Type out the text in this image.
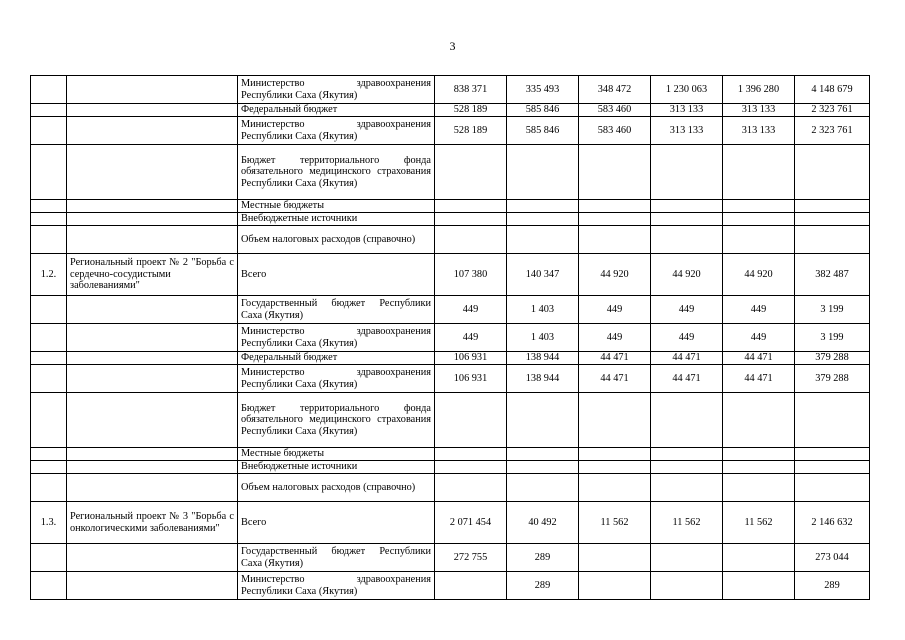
3
		Министерство здравоохранения Республики Саха (Якутия)	838 371	335 493	348 472	1 230 063	1 396 280	4 148 679
		Федеральный бюджет	528 189	585 846	583 460	313 133	313 133	2 323 761
		Министерство здравоохранения Республики Саха (Якутия)	528 189	585 846	583 460	313 133	313 133	2 323 761
		Бюджет территориального фонда обязательного медицинского страхования Республики Саха (Якутия)						
		Местные бюджеты						
		Внебюджетные источники						
		Объем налоговых расходов (справочно)						
1.2.	Региональный проект № 2 "Борьба с сердечно-сосудистыми заболеваниями"	Всего	107 380	140 347	44 920	44 920	44 920	382 487
		Государственный бюджет Республики Саха (Якутия)	449	1 403	449	449	449	3 199
		Министерство здравоохранения Республики Саха (Якутия)	449	1 403	449	449	449	3 199
		Федеральный бюджет	106 931	138 944	44 471	44 471	44 471	379 288
		Министерство здравоохранения Республики Саха (Якутия)	106 931	138 944	44 471	44 471	44 471	379 288
		Бюджет территориального фонда обязательного медицинского страхования Республики Саха (Якутия)						
		Местные бюджеты						
		Внебюджетные источники						
		Объем налоговых расходов (справочно)						
1.3.	Региональный проект № 3 "Борьба с онкологическими заболеваниями"	Всего	2 071 454	40 492	11 562	11 562	11 562	2 146 632
		Государственный бюджет Республики Саха (Якутия)	272 755	289				273 044
		Министерство здравоохранения Республики Саха (Якутия)		289				289
